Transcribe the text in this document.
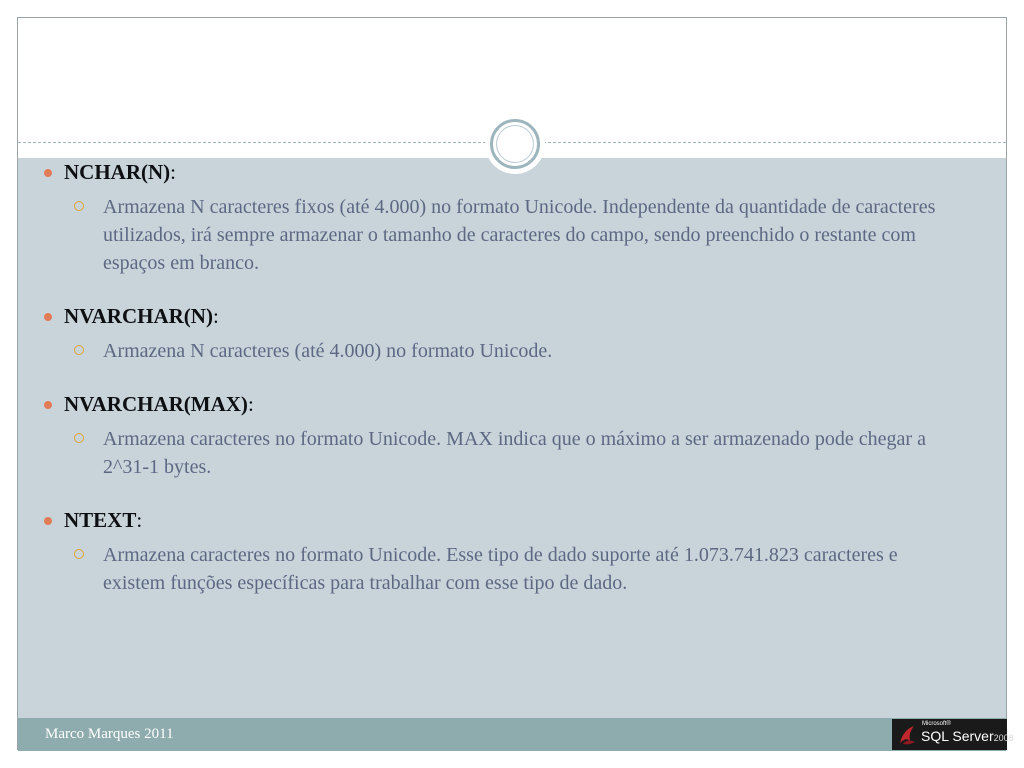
Marco Marques 2011
Microsoft®
SQL Server2008
NCHAR(N) :
Armazena N caracteres fixos (até 4.000) no formato Unicode. Independente da quantidade de caracteres utilizados, irá sempre armazenar o tamanho de caracteres do campo, sendo preenchido o restante com espaços em branco.
NVARCHAR(N) :
Armazena N caracteres (até 4.000) no formato Unicode.
NVARCHAR(MAX) :
Armazena caracteres no formato Unicode. MAX indica que o máximo a ser armazenado pode chegar a 2^31-1 bytes.
NTEXT :
Armazena caracteres no formato Unicode. Esse tipo de dado suporte até 1.073.741.823 caracteres e existem funções específicas para trabalhar com esse tipo de dado.
